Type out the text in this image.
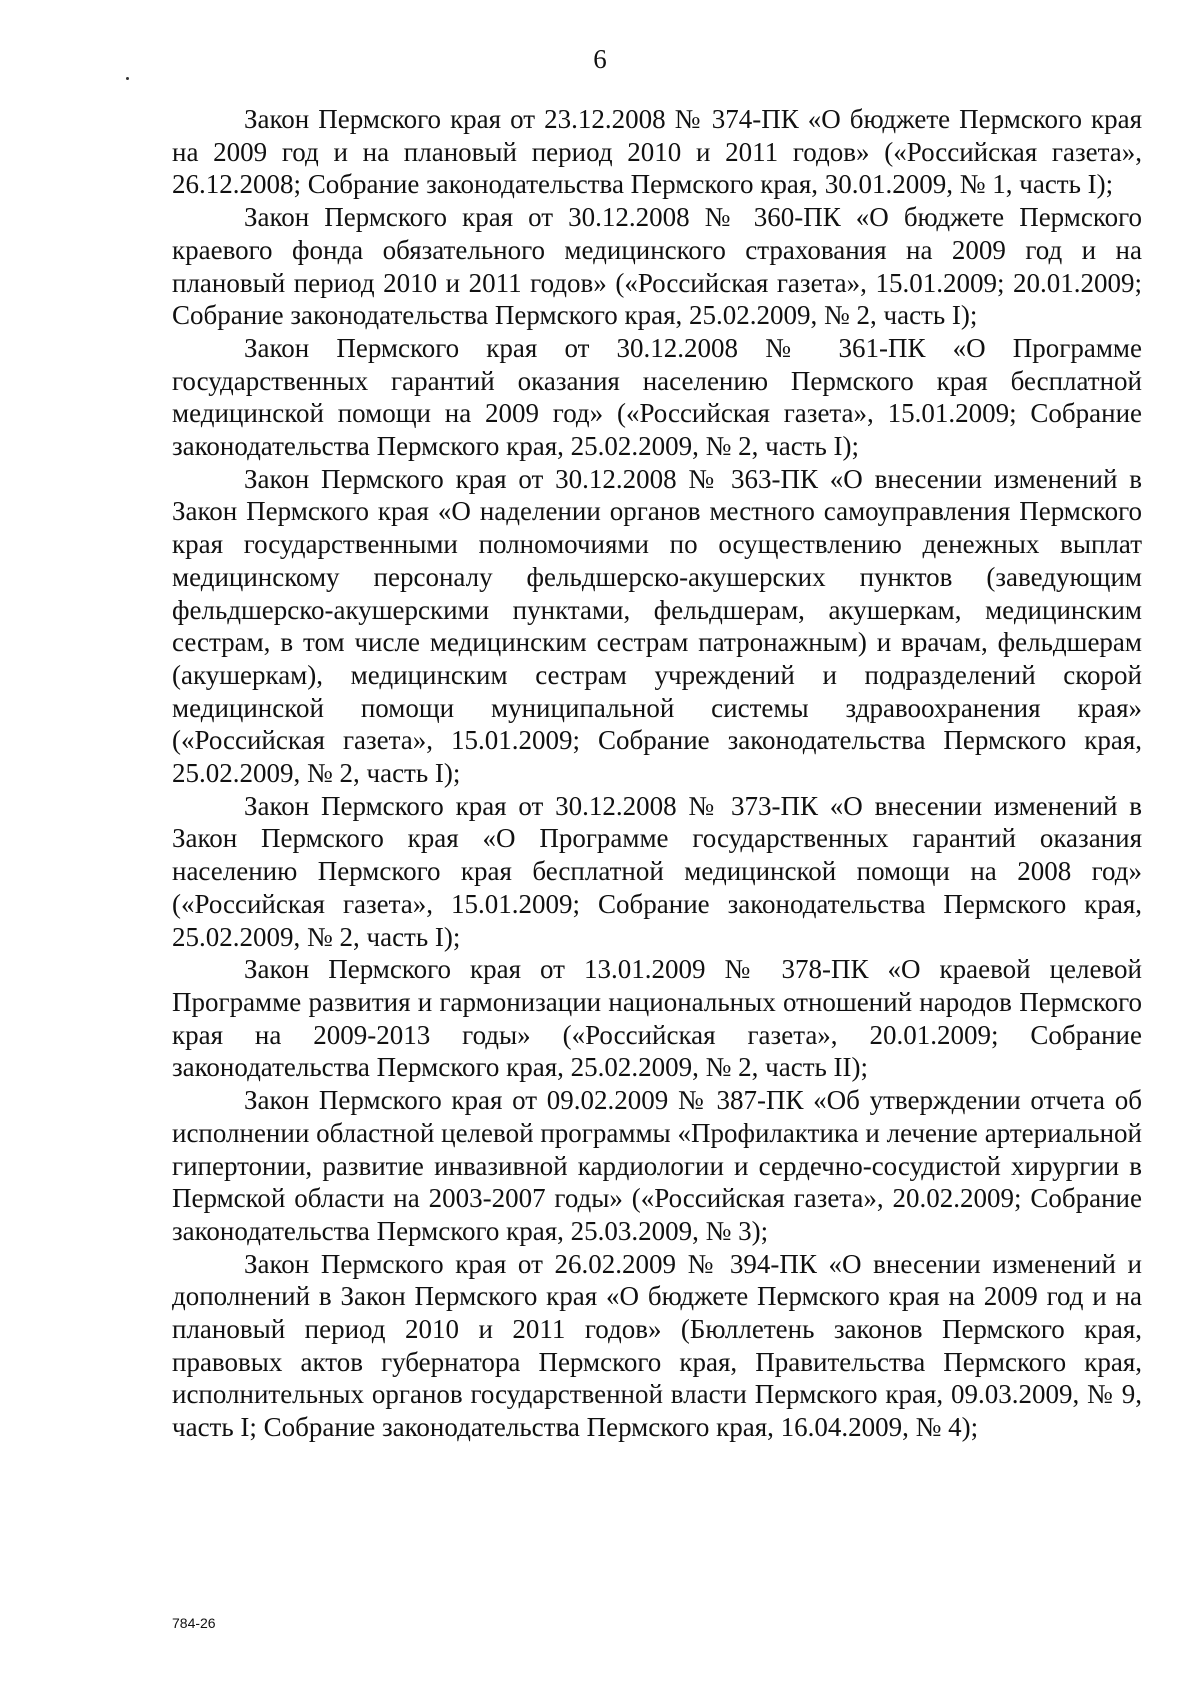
6

Закон Пермского края от 23.12.2008 № 374-ПК «О бюджете Пермского края на 2009 год и на плановый период 2010 и 2011 годов» («Российская газета», 26.12.2008; Собрание законодательства Пермского края, 30.01.2009, № 1, часть I);

Закон Пермского края от 30.12.2008 № 360-ПК «О бюджете Пермского краевого фонда обязательного медицинского страхования на 2009 год и на плановый период 2010 и 2011 годов» («Российская газета», 15.01.2009; 20.01.2009; Собрание законодательства Пермского края, 25.02.2009, № 2, часть I);

Закон Пермского края от 30.12.2008 № 361-ПК «О Программе государственных гарантий оказания населению Пермского края бесплатной медицинской помощи на 2009 год» («Российская газета», 15.01.2009; Собрание законодательства Пермского края, 25.02.2009, № 2, часть I);

Закон Пермского края от 30.12.2008 № 363-ПК «О внесении изменений в Закон Пермского края «О наделении органов местного самоуправления Пермского края государственными полномочиями по осуществлению денежных выплат медицинскому персоналу фельдшерско-акушерских пунктов (заведующим фельдшерско-акушерскими пунктами, фельдшерам, акушеркам, медицинским сестрам, в том числе медицинским сестрам патронажным) и врачам, фельдшерам (акушеркам), медицинским сестрам учреждений и подразделений скорой медицинской помощи муниципальной системы здравоохранения края» («Российская газета», 15.01.2009; Собрание законодательства Пермского края, 25.02.2009, № 2, часть I);

Закон Пермского края от 30.12.2008 № 373-ПК «О внесении изменений в Закон Пермского края «О Программе государственных гарантий оказания населению Пермского края бесплатной медицинской помощи на 2008 год» («Российская газета», 15.01.2009; Собрание законодательства Пермского края, 25.02.2009, № 2, часть I);

Закон Пермского края от 13.01.2009 № 378-ПК «О краевой целевой Программе развития и гармонизации национальных отношений народов Пермского края на 2009-2013 годы» («Российская газета», 20.01.2009; Собрание законодательства Пермского края, 25.02.2009, № 2, часть II);

Закон Пермского края от 09.02.2009 № 387-ПК «Об утверждении отчета об исполнении областной целевой программы «Профилактика и лечение артериальной гипертонии, развитие инвазивной кардиологии и сердечно-сосудистой хирургии в Пермской области на 2003-2007 годы» («Российская газета», 20.02.2009; Собрание законодательства Пермского края, 25.03.2009, № 3);

Закон Пермского края от 26.02.2009 № 394-ПК «О внесении изменений и дополнений в Закон Пермского края «О бюджете Пермского края на 2009 год и на плановый период 2010 и 2011 годов» (Бюллетень законов Пермского края, правовых актов губернатора Пермского края, Правительства Пермского края, исполнительных органов государственной власти Пермского края, 09.03.2009, № 9, часть I; Собрание законодательства Пермского края, 16.04.2009, № 4);

784-26
